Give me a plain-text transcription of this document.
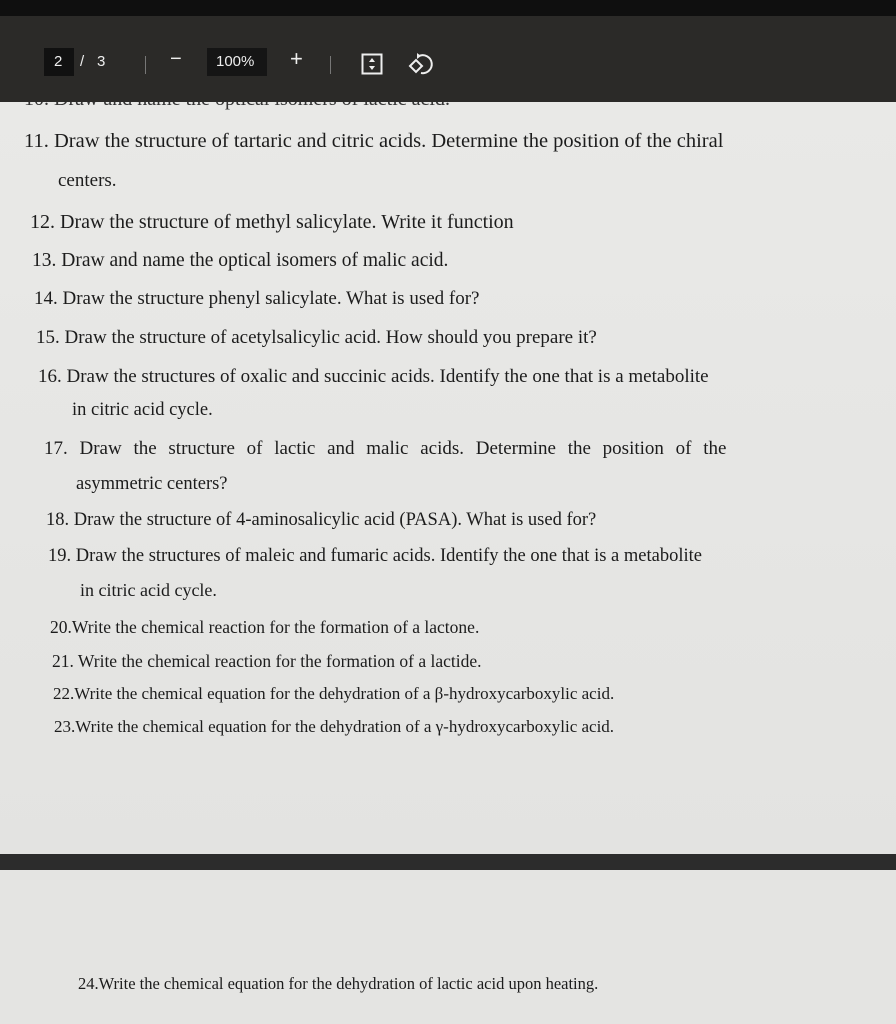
2 / 3	− 100% +
11. Draw the structure of tartaric and citric acids. Determine the position of the chiral
centers.
12. Draw the structure of methyl salicylate. Write it function
13. Draw and name the optical isomers of malic acid.
14. Draw the structure phenyl salicylate. What is used for?
15. Draw the structure of acetylsalicylic acid. How should you prepare it?
16. Draw the structures of oxalic and succinic acids. Identify the one that is a metabolite
in citric acid cycle.
17. Draw the structure of lactic and malic acids. Determine the position of the
asymmetric centers?
18. Draw the structure of 4-aminosalicylic acid (PASA). What is used for?
19. Draw the structures of maleic and fumaric acids. Identify the one that is a metabolite
in citric acid cycle.
20.Write the chemical reaction for the formation of a lactone.
21. Write the chemical reaction for the formation of a lactide.
22.Write the chemical equation for the dehydration of a β-hydroxycarboxylic acid.
23.Write the chemical equation for the dehydration of a γ-hydroxycarboxylic acid.
24.Write the chemical equation for the dehydration of lactic acid upon heating.
